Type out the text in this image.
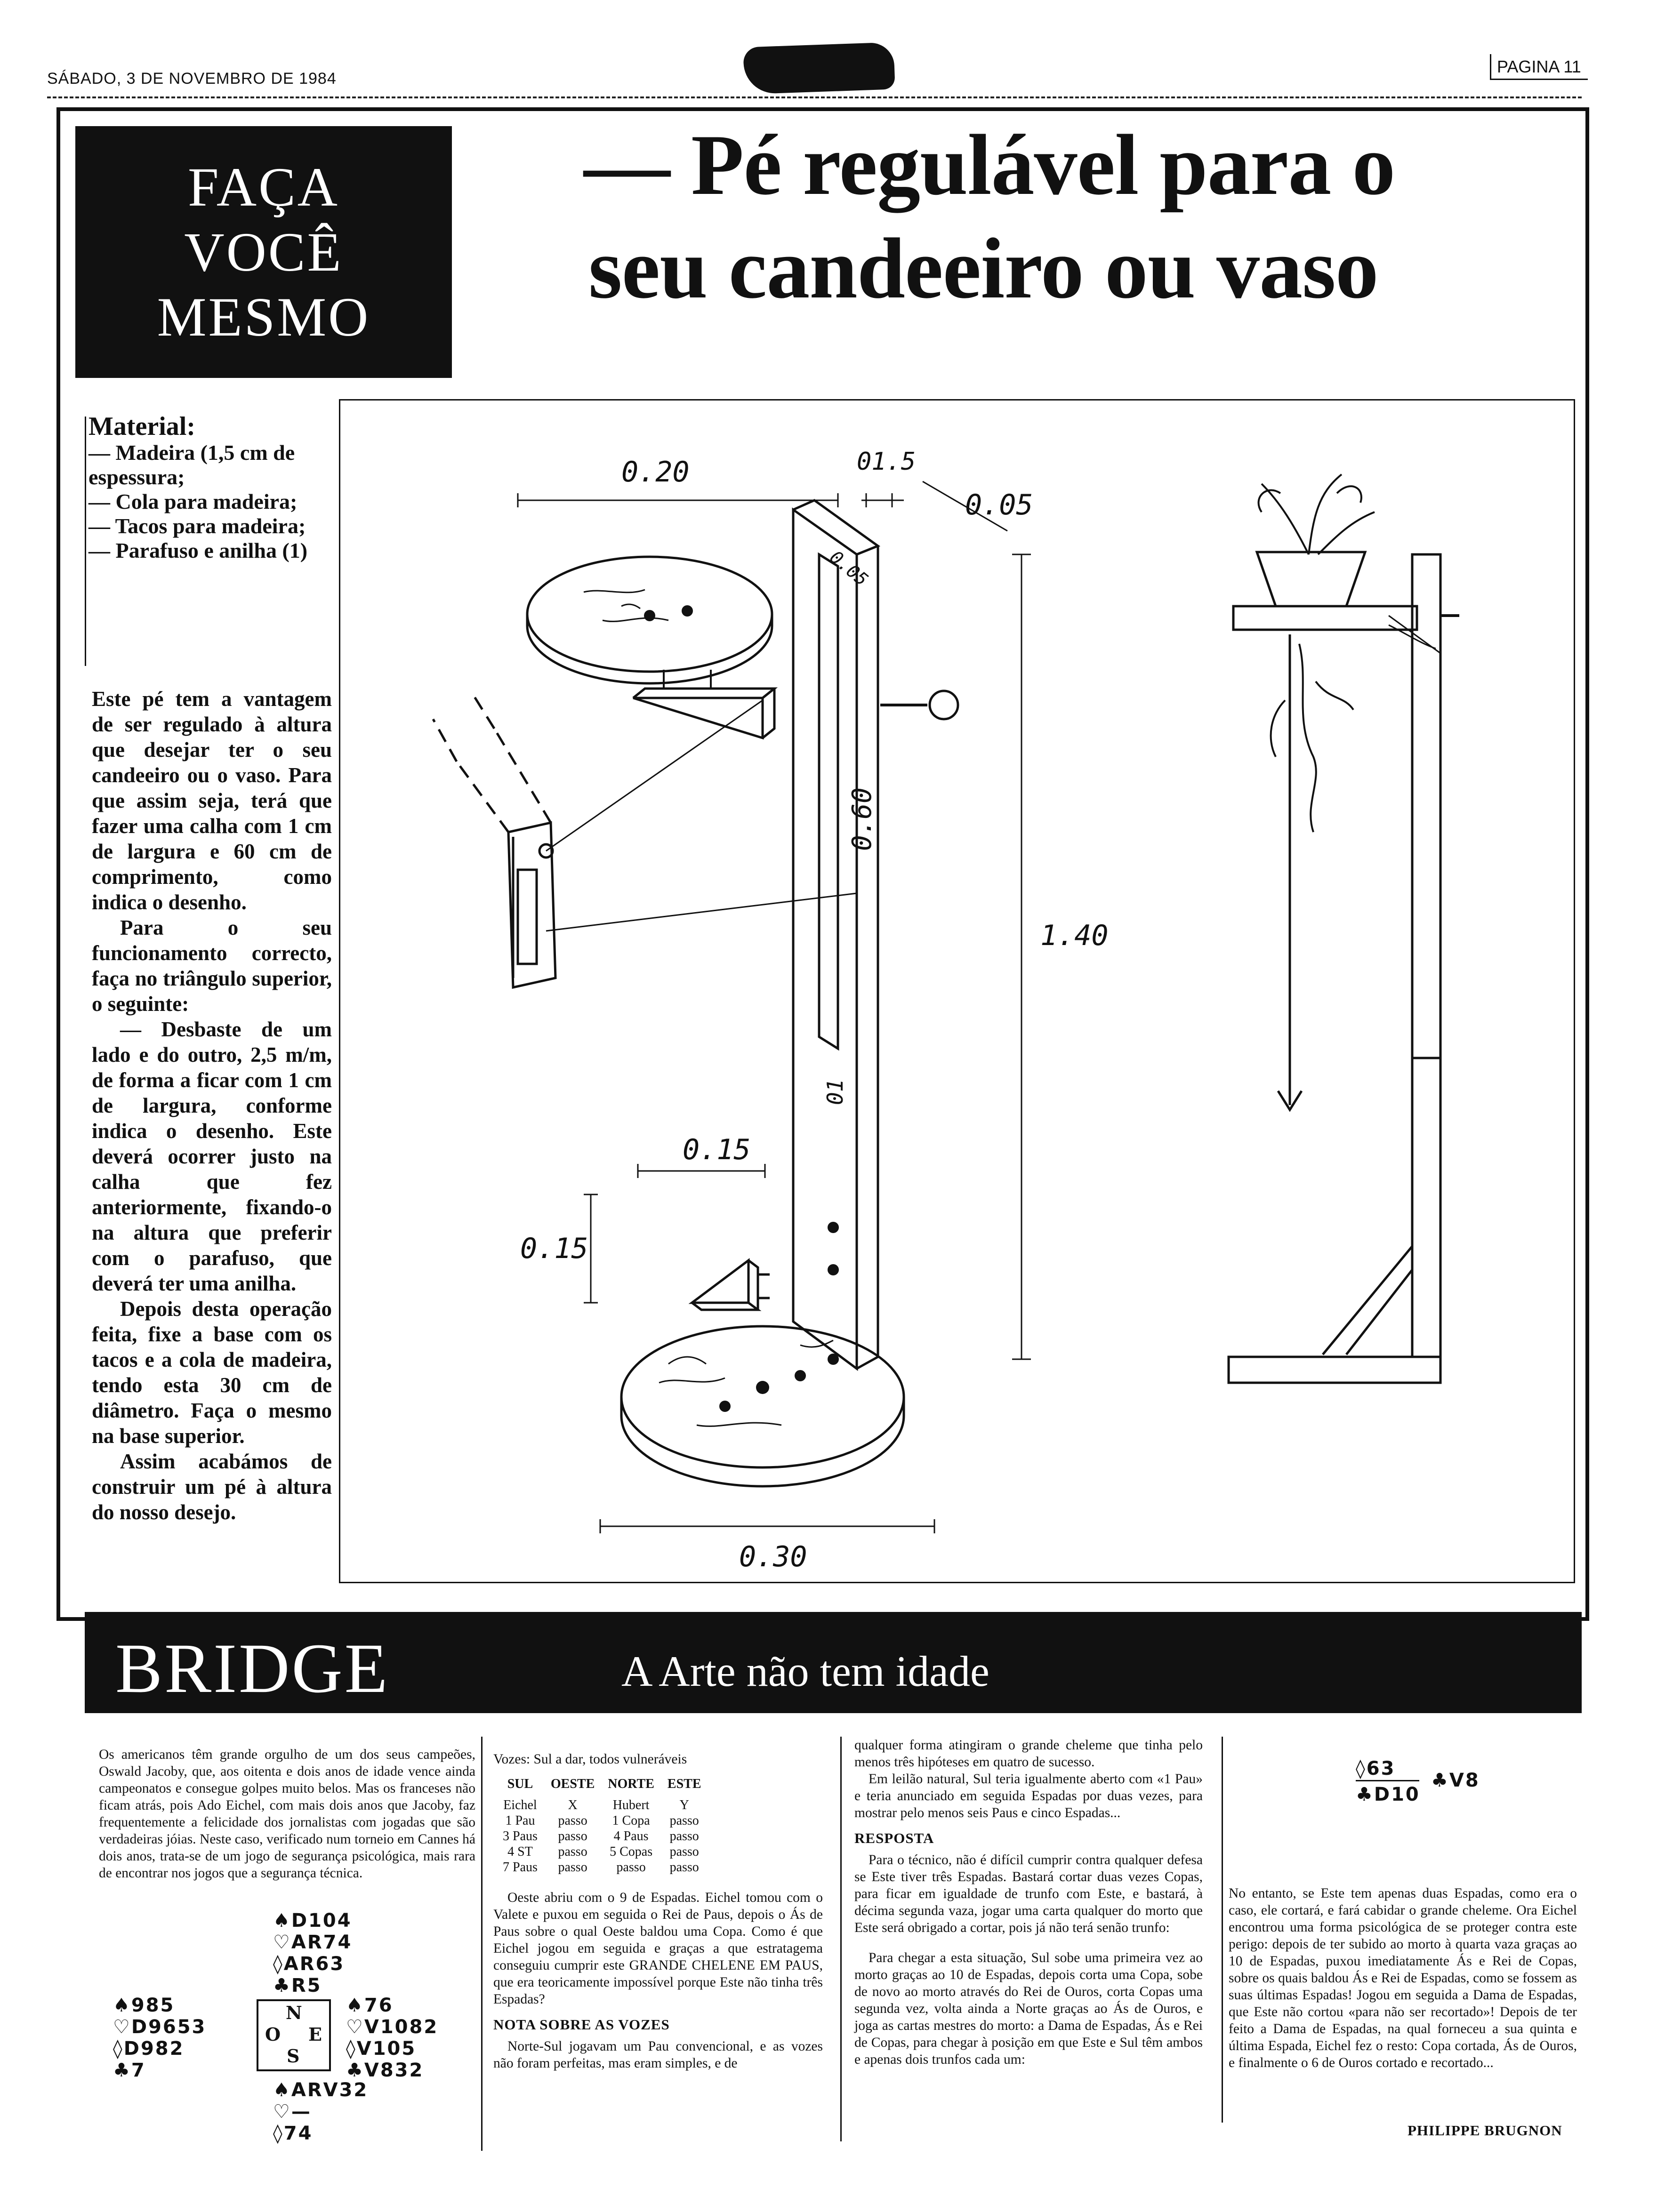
SÁBADO, 3 DE NOVEMBRO DE 1984
PAGINA 11
FAÇA
VOCÊ
MESMO
— Pé regulável para o
seu candeeiro ou vaso
Material:
— Madeira (1,5 cm de espessura;
— Cola para madeira;
— Tacos para madeira;
— Parafuso e anilha (1)

Este pé tem a vantagem de ser regulado à altura que desejar ter o seu candeeiro ou o vaso. Para que assim seja, terá que fazer uma calha com 1 cm de largura e 60 cm de comprimento, como indica o desenho.

Para o seu funcionamento correcto, faça no triângulo superior, o seguinte:

— Desbaste de um lado e do outro, 2,5 m/m, de forma a ficar com 1 cm de largura, conforme indica o desenho. Este deverá ocorrer justo na calha que fez anteriormente, fixando-o na altura que preferir com o parafuso, que deverá ter uma anilha.

Depois desta operação feita, fixe a base com os tacos e a cola de madeira, tendo esta 30 cm de diâmetro. Faça o mesmo na base superior.

Assim acabámos de construir um pé à altura do nosso desejo.

0.20	01.5
0.05
0.05
0.60
1.40
01
0.15
0.15
0.30
BRIDGE	A Arte não tem idade
Os americanos têm grande orgulho de um dos seus campeões, Oswald Jacoby, que, aos oitenta e dois anos de idade vence ainda campeonatos e consegue golpes muito belos. Mas os franceses não ficam atrás, pois Ado Eichel, com mais dois anos que Jacoby, faz frequentemente a felicidade dos jornalistas com jogadas que são verdadeiras jóias. Neste caso, verificado num torneio em Cannes há dois anos, trata-se de um jogo de segurança psicológica, mais rara de encontrar nos jogos que a segurança técnica.
♠D104
♡AR74
◊AR63
♣R5
♠985
♡D9653
◊D982
♣7
N
O E
S
♠76
♡V1082
◊V105
♣V832
♠ARV32
♡—
◊74
Vozes: Sul a dar, todos vulneráveis
SUL	OESTE	NORTE	ESTE
Eichel	X	Hubert	Y
1 Pau	passo	1 Copa	passo
3 Paus	passo	4 Paus	passo
4 ST	passo	5 Copas	passo
7 Paus	passo	passo	passo

Oeste abriu com o 9 de Espadas. Eichel tomou com o Valete e puxou em seguida o Rei de Paus, depois o Ás de Paus sobre o qual Oeste baldou uma Copa. Como é que Eichel jogou em seguida e graças a que estratagema conseguiu cumprir este GRANDE CHELENE EM PAUS, que era teoricamente impossível porque Este não tinha três Espadas?

NOTA SOBRE AS VOZES

Norte-Sul jogavam um Pau convencional, e as vozes não foram perfeitas, mas eram simples, e de

qualquer forma atingiram o grande cheleme que tinha pelo menos três hipóteses em quatro de sucesso.

Em leilão natural, Sul teria igualmente aberto com «1 Pau» e teria anunciado em seguida Espadas por duas vezes, para mostrar pelo menos seis Paus e cinco Espadas...

RESPOSTA

Para o técnico, não é difícil cumprir contra qualquer defesa se Este tiver três Espadas. Bastará cortar duas vezes Copas, para ficar em igualdade de trunfo com Este, e bastará, à décima segunda vaza, jogar uma carta qualquer do morto que Este será obrigado a cortar, pois já não terá senão trunfo:

Para chegar a esta situação, Sul sobe uma primeira vez ao morto graças ao 10 de Espadas, depois corta uma Copa, sobe de novo ao morto através do Rei de Ouros, corta Copas uma segunda vez, volta ainda a Norte graças ao Ás de Ouros, e joga as cartas mestres do morto: a Dama de Espadas, Ás e Rei de Copas, para chegar à posição em que Este e Sul têm ambos e apenas dois trunfos cada um:

◊63
♣D10
♣V8
No entanto, se Este tem apenas duas Espadas, como era o caso, ele cortará, e fará cabidar o grande cheleme. Ora Eichel encontrou uma forma psicológica de se proteger contra este perigo: depois de ter subido ao morto à quarta vaza graças ao 10 de Espadas, puxou imediatamente Ás e Rei de Copas, sobre os quais baldou Ás e Rei de Espadas, como se fossem as suas últimas Espadas! Jogou em seguida a Dama de Espadas, que Este não cortou «para não ser recortado»! Depois de ter feito a Dama de Espadas, na qual forneceu a sua quinta e última Espada, Eichel fez o resto: Copa cortada, Ás de Ouros, e finalmente o 6 de Ouros cortado e recortado...
PHILIPPE BRUGNON
